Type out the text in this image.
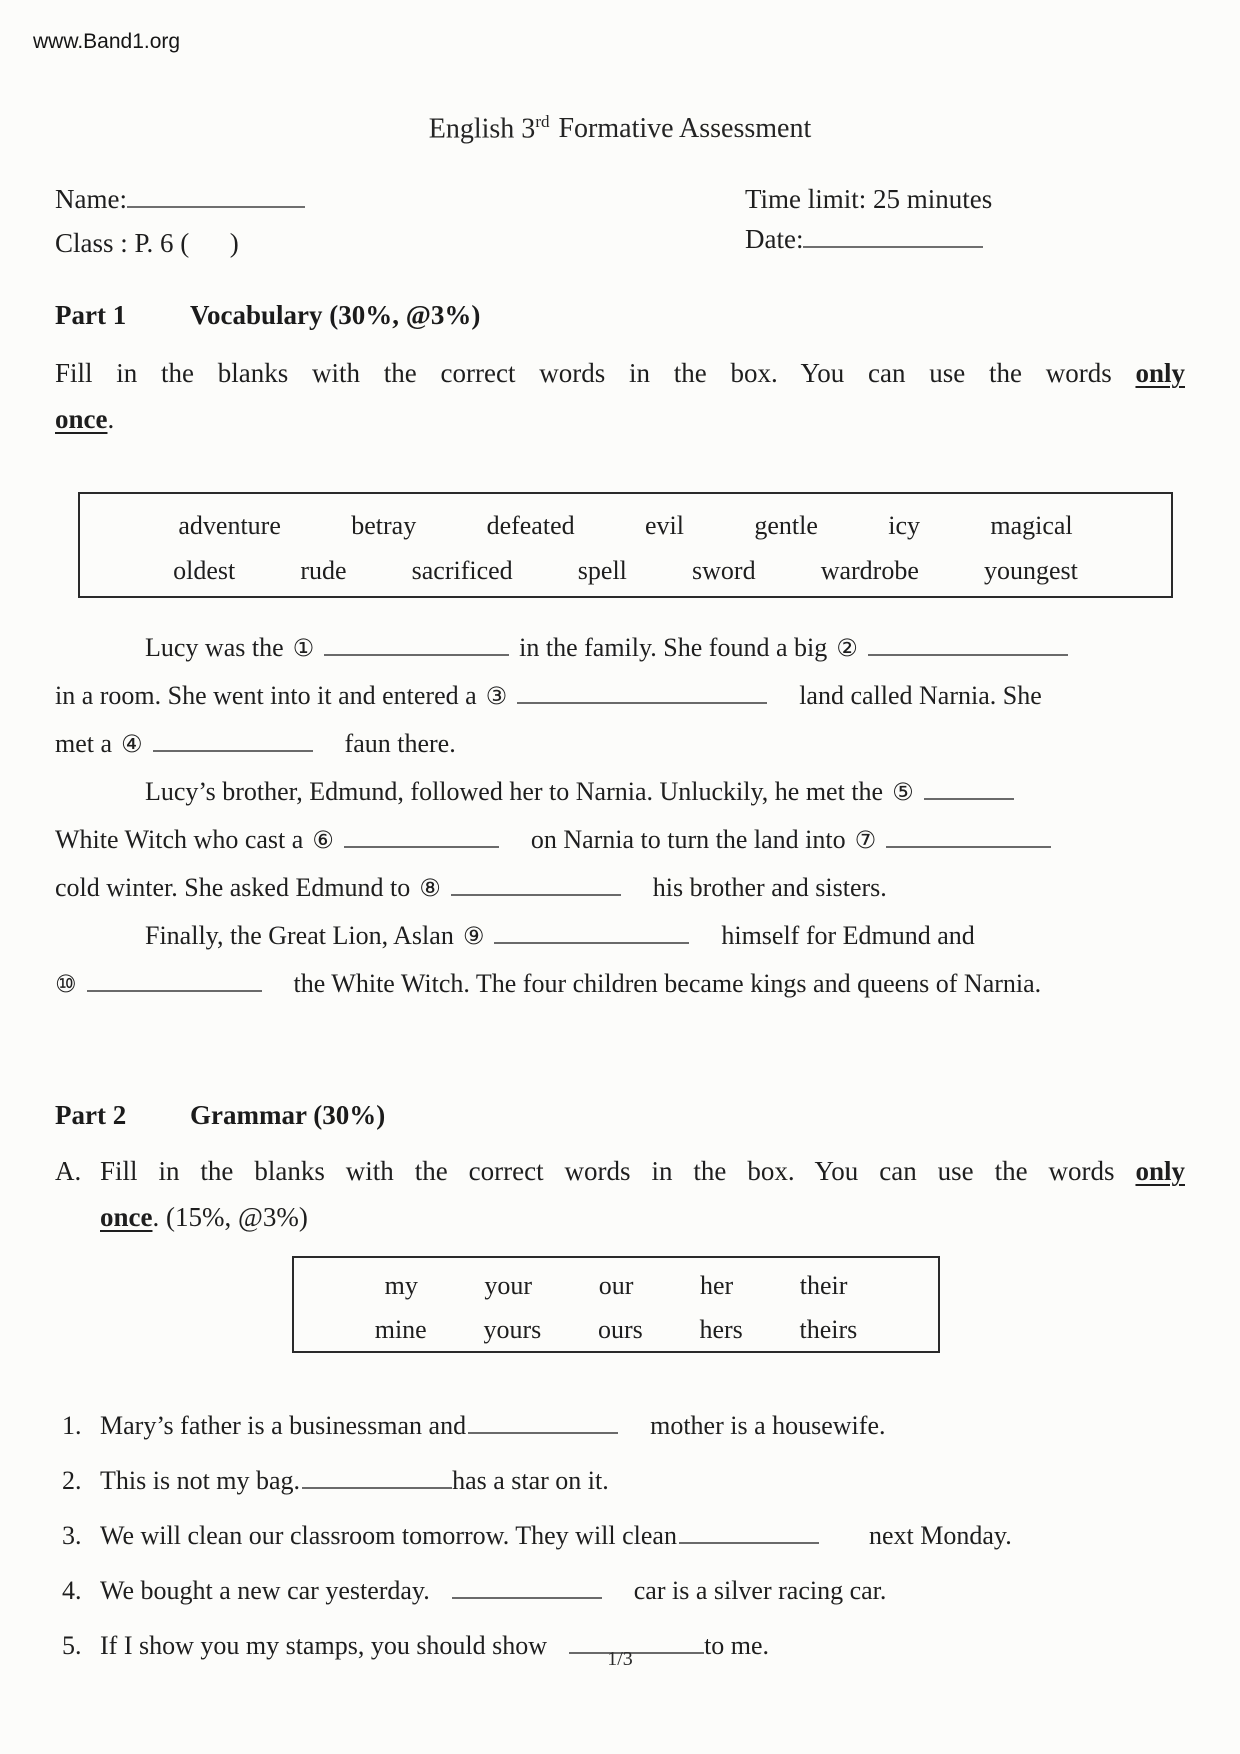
www.Band1.org
English 3rd Formative Assessment
Name:
Class : P. 6 (      )
Time limit: 25 minutes
Date:
Part 1 Vocabulary (30%, @3%)
Fill in the blanks with the correct words in the box. You can use the words only
once.
adventure	betray	defeated	evil	gentle	icy	magical
oldest	rude	sacrificed	spell	sword	wardrobe	youngest
Lucy was the ①	in the family. She found a big ②
in a room. She went into it and entered a ③	land called Narnia. She
met a ④	faun there.
Lucy’s brother, Edmund, followed her to Narnia. Unluckily, he met the ⑤
White Witch who cast a ⑥	on Narnia to turn the land into ⑦
cold winter. She asked Edmund to ⑧	his brother and sisters.
Finally, the Great Lion, Aslan ⑨	himself for Edmund and
⑩	the White Witch. The four children became kings and queens of Narnia.
Part 2 Grammar (30%)
A. Fill in the blanks with the correct words in the box. You can use the words only
once. (15%, @3%)
my	your	our	her	their
mine yours ours hers theirs
1. Mary’s father is a businessman and	mother is a housewife.
2. This is not my bag.	has a star on it.
3. We will clean our classroom tomorrow. They will clean	next Monday.
4. We bought a new car yesterday.	car is a silver racing car.
5. If I show you my stamps, you should show	to me.
1/3
